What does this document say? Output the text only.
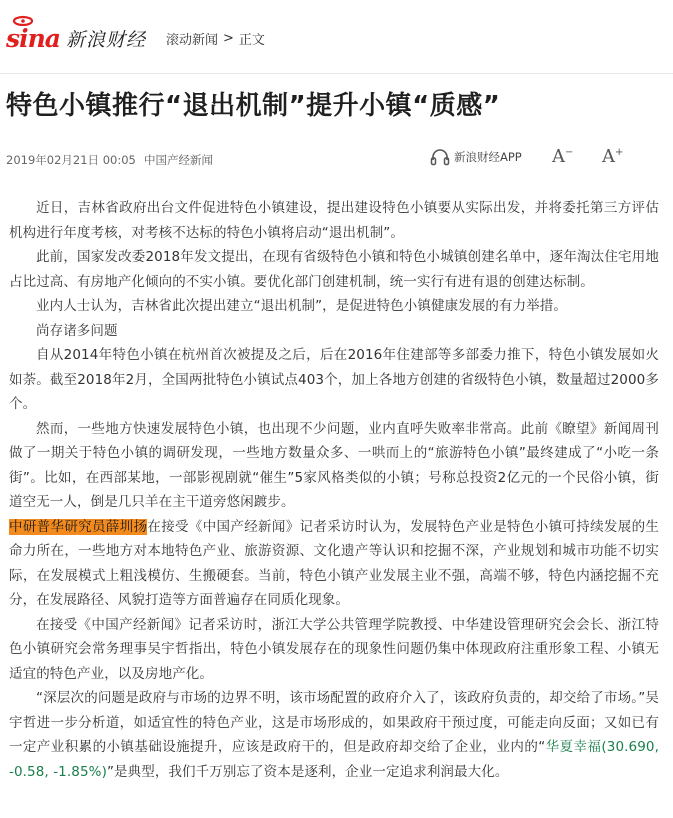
sina 新浪财经 滚动新闻 > 正文
特色小镇推行“退出机制”提升小镇“质感”
2019年02月21日 00:05 中国产经新闻	新浪财经APP A− A+

近日，吉林省政府出台文件促进特色小镇建设，提出建设特色小镇要从实际出发，并将委托第三方评估机构进行年度考核，对考核不达标的特色小镇将启动“退出机制”。

此前，国家发改委2018年发文提出，在现有省级特色小镇和特色小城镇创建名单中，逐年淘汰住宅用地占比过高、有房地产化倾向的不实小镇。要优化部门创建机制，统一实行有进有退的创建达标制。

业内人士认为，吉林省此次提出建立“退出机制”，是促进特色小镇健康发展的有力举措。

尚存诸多问题

自从2014年特色小镇在杭州首次被提及之后，后在2016年住建部等多部委力推下，特色小镇发展如火如荼。截至2018年2月，全国两批特色小镇试点403个，加上各地方创建的省级特色小镇，数量超过2000多个。

然而，一些地方快速发展特色小镇，也出现不少问题，业内直呼失败率非常高。此前《瞭望》新闻周刊做了一期关于特色小镇的调研发现，一些地方数量众多、一哄而上的“旅游特色小镇”最终建成了“小吃一条街”。比如，在西部某地，一部影视剧就“催生”5家风格类似的小镇；号称总投资2亿元的一个民俗小镇，街道空无一人，倒是几只羊在主干道旁悠闲踱步。

中研普华研究员薛圳扬在接受《中国产经新闻》记者采访时认为，发展特色产业是特色小镇可持续发展的生命力所在，一些地方对本地特色产业、旅游资源、文化遗产等认识和挖掘不深，产业规划和城市功能不切实际，在发展模式上粗浅模仿、生搬硬套。当前，特色小镇产业发展主业不强，高端不够，特色内涵挖掘不充分，在发展路径、风貌打造等方面普遍存在同质化现象。

在接受《中国产经新闻》记者采访时，浙江大学公共管理学院教授、中华建设管理研究会会长、浙江特色小镇研究会常务理事吴宇哲指出，特色小镇发展存在的现象性问题仍集中体现政府注重形象工程、小镇无适宜的特色产业，以及房地产化。

“深层次的问题是政府与市场的边界不明，该市场配置的政府介入了，该政府负责的，却交给了市场。”吴宇哲进一步分析道，如适宜性的特色产业，这是市场形成的，如果政府干预过度，可能走向反面；又如已有一定产业积累的小镇基础设施提升，应该是政府干的，但是政府却交给了企业，业内的“华夏幸福(30.690, -0.58, -1.85%)”是典型，我们千万别忘了资本是逐利，企业一定追求利润最大化。
